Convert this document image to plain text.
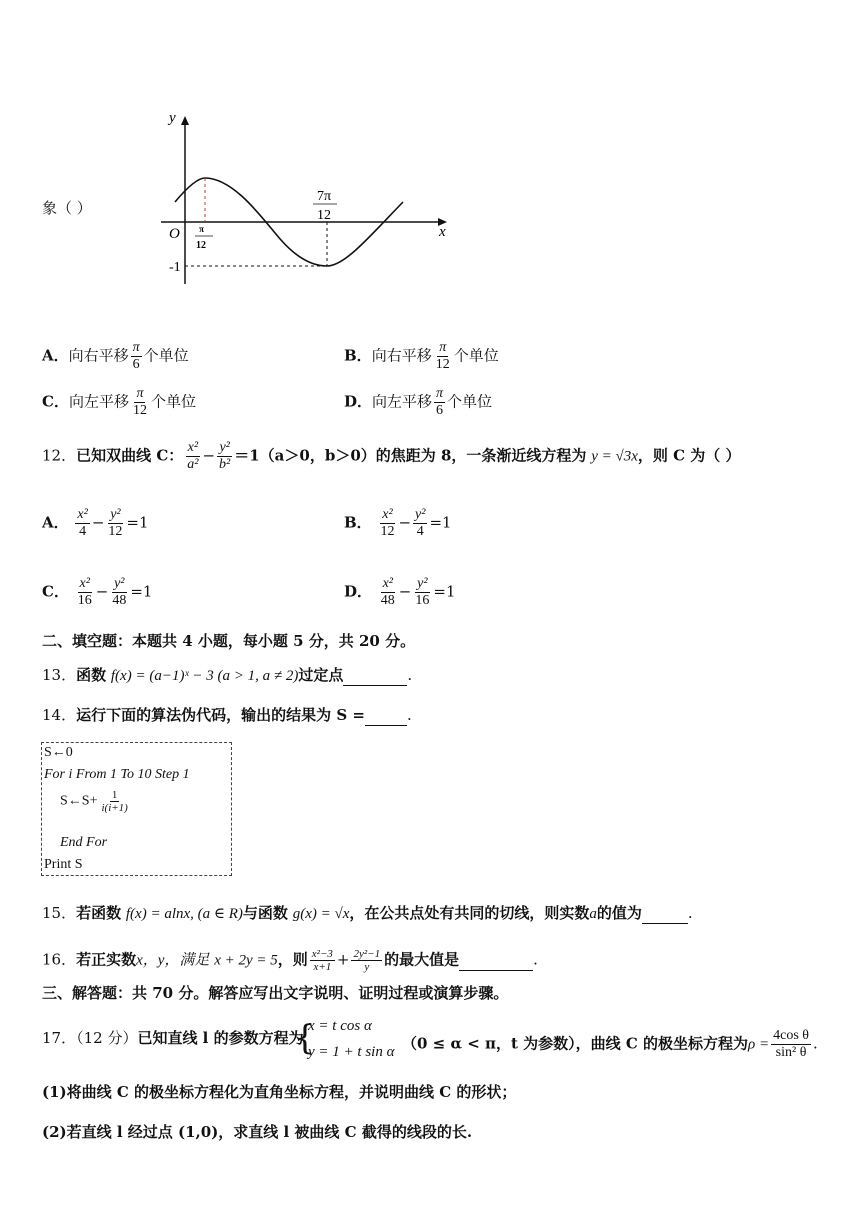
象（ ）
y
x
O π
12
7π
12
-1
A．向右平移 $\frac{\pi}{6}$ 个单位	B．向右平移 $\frac{\pi}{12}$ 个单位
C．向左平移 $\frac{\pi}{12}$ 个单位	D．向左平移 $\frac{\pi}{6}$ 个单位
12．已知双曲线 C： $\frac{\text{x²}}{\text{a²}} - \frac{\text{y²}}{\text{b²}} =1(a>0$，b＞0）的焦距为 8，一条渐近线方程为 y = √3x，则 C 为（ ）
A． $\frac{\text{x²}}{4} - \frac{\text{y²}}{12} =1$	B． $\frac{\text{x²}}{12} - \frac{\text{y²}}{4} =1$
C． $\frac{\text{x²}}{16} - \frac{\text{y²}}{48} =1$	D． $\frac{\text{x²}}{48} - \frac{\text{y²}}{16} =1$
二、填空题：本题共 4 小题，每小题 5 分，共 20 分。
13．函数 f(x) = (a−1)ˣ − 3 (a > 1, a ≠ 2)过定点	.
14．运行下面的算法伪代码，输出的结果为 S =	.
S←0
For i From 1 To 10 Step 1
S←S+ $\frac{1}{i(i+1)}$
End For
Print S
15．若函数 f(x) = alnx, (a ∈ R)与函数 g(x) = √x，在公共点处有共同的切线，则实数a的值为	.
16．若正实数x，y，满足 x + 2y = 5，则 $\frac{\text{x²−3}}{x+1} + \frac{\text{2y²−1}}{y}$ 的最大值是	.
三、解答题：共 70 分。解答应写出文字说明、证明过程或演算步骤。
17．（12 分）已知直线 l 的参数方程为
{
x = t cos α
y = 1 + t sin α （0 ≤ α < π，t 为参数），曲线 C 的极坐标方程为$\rho = \frac{\text{4cos θ}}{\text{sin² θ}}$ .
(1)将曲线 C 的极坐标方程化为直角坐标方程，并说明曲线 C 的形状；
(2)若直线 l 经过点 (1,0)，求直线 l 被曲线 C 截得的线段的长.
